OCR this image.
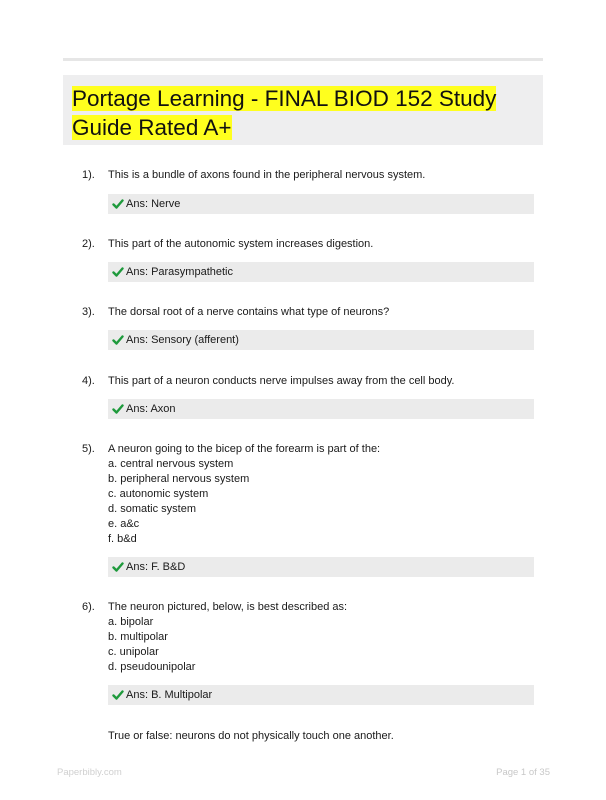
Portage Learning - FINAL BIOD 152 Study Guide Rated A+
1). This is a bundle of axons found in the peripheral nervous system.
Ans: Nerve
2). This part of the autonomic system increases digestion.
Ans: Parasympathetic
3). The dorsal root of a nerve contains what type of neurons?
Ans: Sensory (afferent)
4). This part of a neuron conducts nerve impulses away from the cell body.
Ans: Axon
5). A neuron going to the bicep of the forearm is part of the:
a. central nervous system
b. peripheral nervous system
c. autonomic system
d. somatic system
e. a&c
f. b&d
Ans: F. B&D
6). The neuron pictured, below, is best described as:
a. bipolar
b. multipolar
c. unipolar
d. pseudounipolar
Ans: B. Multipolar
True or false: neurons do not physically touch one another.
Paperbibly.com	Page 1 of 35
